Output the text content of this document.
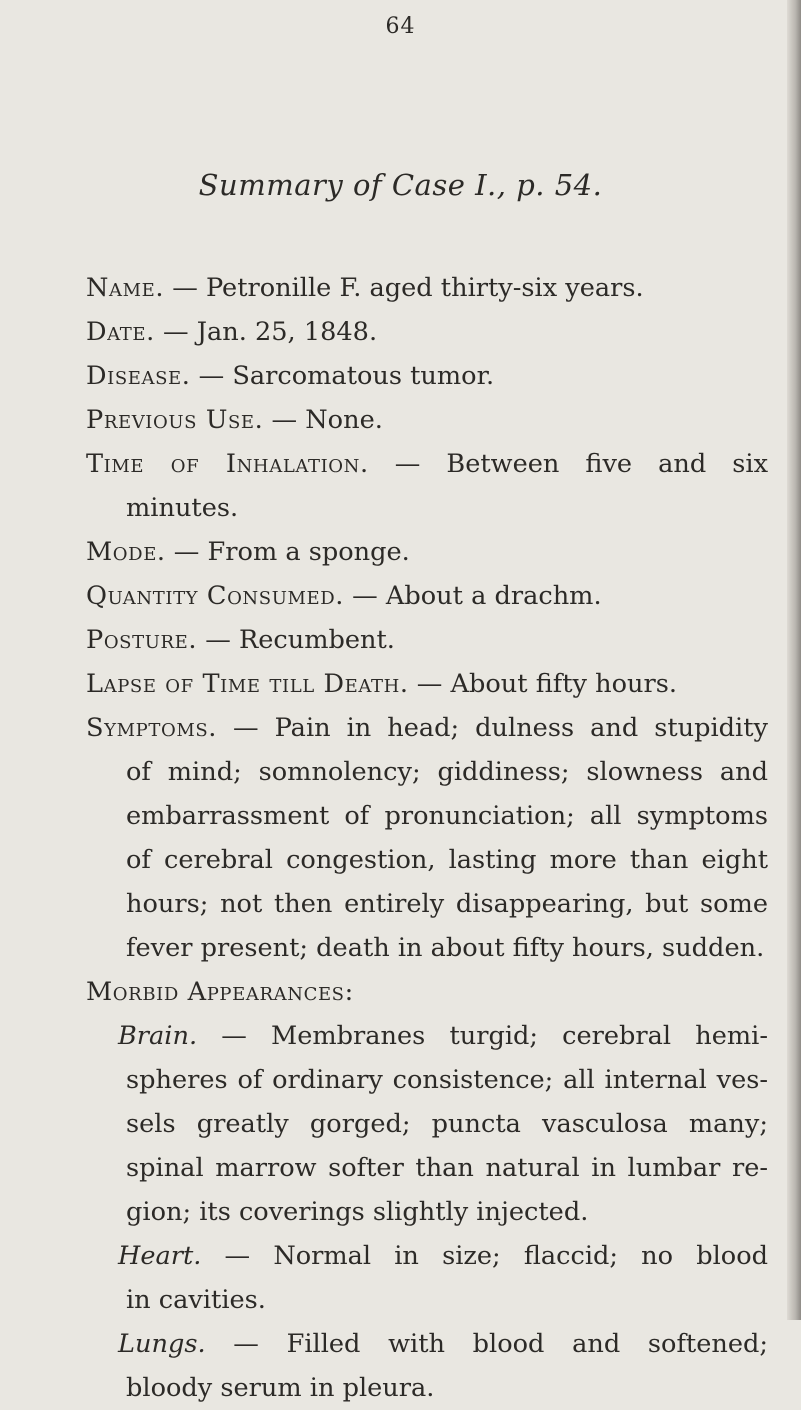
64
Summary of Case I., p. 54.
Name. — Petronille F. aged thirty-six years.
Date. — Jan. 25, 1848.
Disease. — Sarcomatous tumor.
Previous Use. — None.
Time of Inhalation. — Between five and six
minutes.
Mode. — From a sponge.
Quantity Consumed. — About a drachm.
Posture. — Recumbent.
Lapse of Time till Death. — About fifty hours.
Symptoms. — Pain in head; dulness and stupidity
of mind; somnolency; giddiness; slowness and
embarrassment of pronunciation; all symptoms
of cerebral congestion, lasting more than eight
hours; not then entirely disappearing, but some
fever present; death in about fifty hours, sudden.
Morbid Appearances:
Brain. — Membranes turgid; cerebral hemi-
spheres of ordinary consistence; all internal ves-
sels greatly gorged; puncta vasculosa many;
spinal marrow softer than natural in lumbar re-
gion; its coverings slightly injected.
Heart. — Normal in size; flaccid; no blood
in cavities.
Lungs. — Filled with blood and softened;
bloody serum in pleura.
